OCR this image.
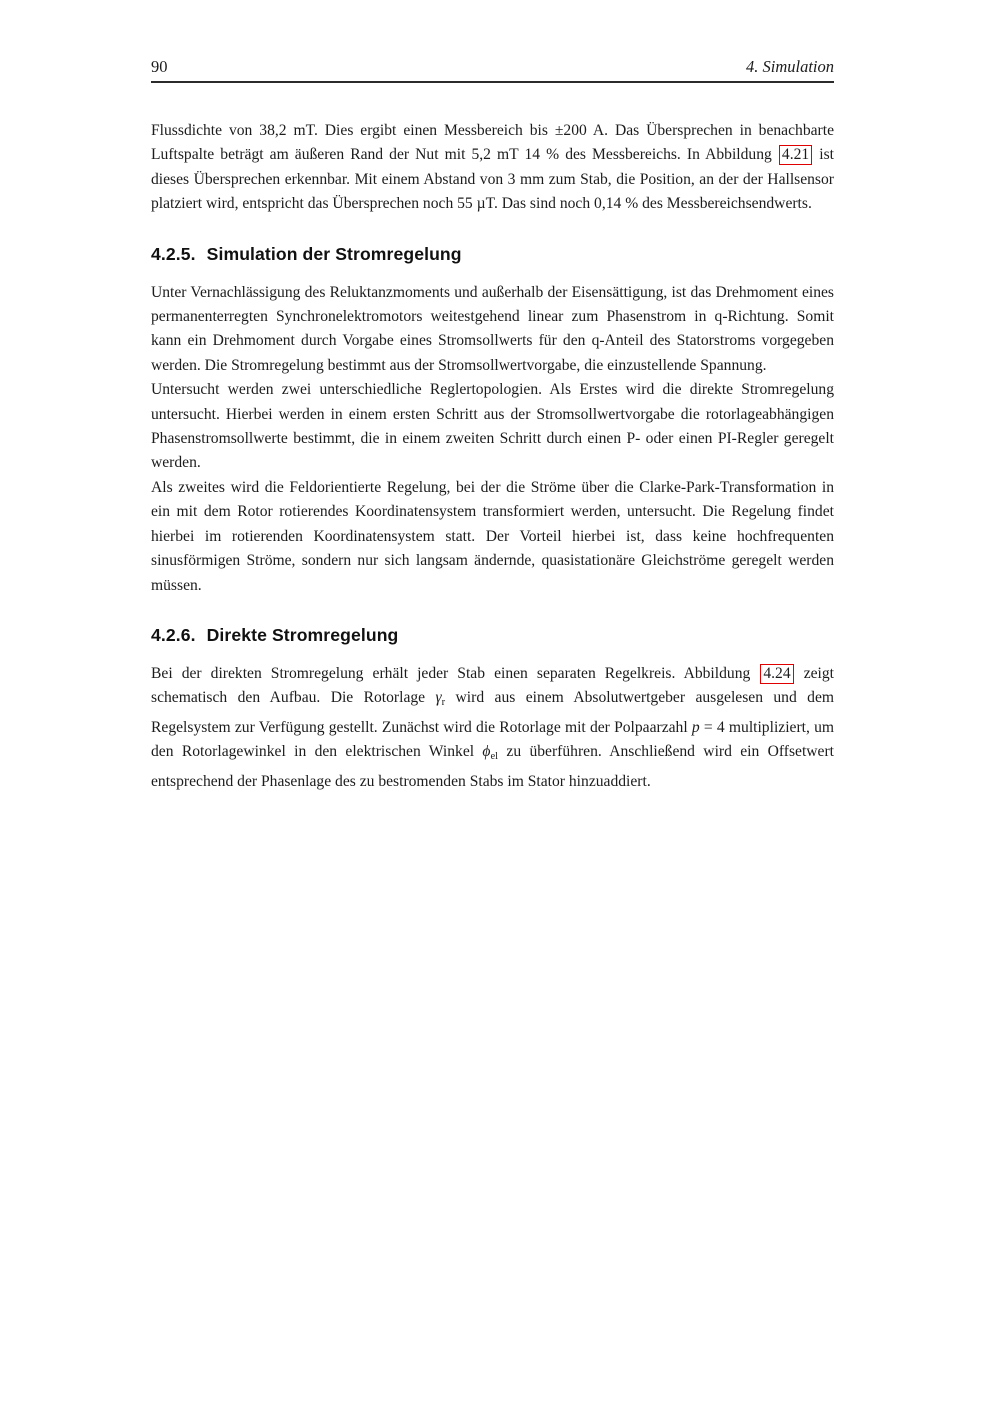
90	4. Simulation

Flussdichte von 38,2 mT. Dies ergibt einen Messbereich bis ±200 A. Das Übersprechen in benachbarte Luftspalte beträgt am äußeren Rand der Nut mit 5,2 mT 14 % des Messbereichs. In Abbildung 4.21 ist dieses Übersprechen erkennbar. Mit einem Abstand von 3 mm zum Stab, die Position, an der der Hallsensor platziert wird, entspricht das Übersprechen noch 55 µT. Das sind noch 0,14 % des Messbereichsendwerts.

4.2.5. Simulation der Stromregelung

Unter Vernachlässigung des Reluktanzmoments und außerhalb der Eisensättigung, ist das Drehmoment eines permanenterregten Synchronelektromotors weitestgehend linear zum Phasenstrom in q-Richtung. Somit kann ein Drehmoment durch Vorgabe eines Stromsollwerts für den q-Anteil des Statorstroms vorgegeben werden. Die Stromregelung bestimmt aus der Stromsollwertvorgabe, die einzustellende Spannung.

Untersucht werden zwei unterschiedliche Reglertopologien. Als Erstes wird die direkte Stromregelung untersucht. Hierbei werden in einem ersten Schritt aus der Stromsollwertvorgabe die rotorlageabhängigen Phasenstromsollwerte bestimmt, die in einem zweiten Schritt durch einen P- oder einen PI-Regler geregelt werden.

Als zweites wird die Feldorientierte Regelung, bei der die Ströme über die Clarke-Park-Transformation in ein mit dem Rotor rotierendes Koordinatensystem transformiert werden, untersucht. Die Regelung findet hierbei im rotierenden Koordinatensystem statt. Der Vorteil hierbei ist, dass keine hochfrequenten sinusförmigen Ströme, sondern nur sich langsam ändernde, quasistationäre Gleichströme geregelt werden müssen.

4.2.6. Direkte Stromregelung

Bei der direkten Stromregelung erhält jeder Stab einen separaten Regelkreis. Abbildung 4.24 zeigt schematisch den Aufbau. Die Rotorlage γr wird aus einem Absolutwertgeber ausgelesen und dem Regelsystem zur Verfügung gestellt. Zunächst wird die Rotorlage mit der Polpaarzahl p = 4 multipliziert, um den Rotorlagewinkel in den elektrischen Winkel ϕel zu überführen. Anschließend wird ein Offsetwert entsprechend der Phasenlage des zu bestromenden Stabs im Stator hinzuaddiert.
